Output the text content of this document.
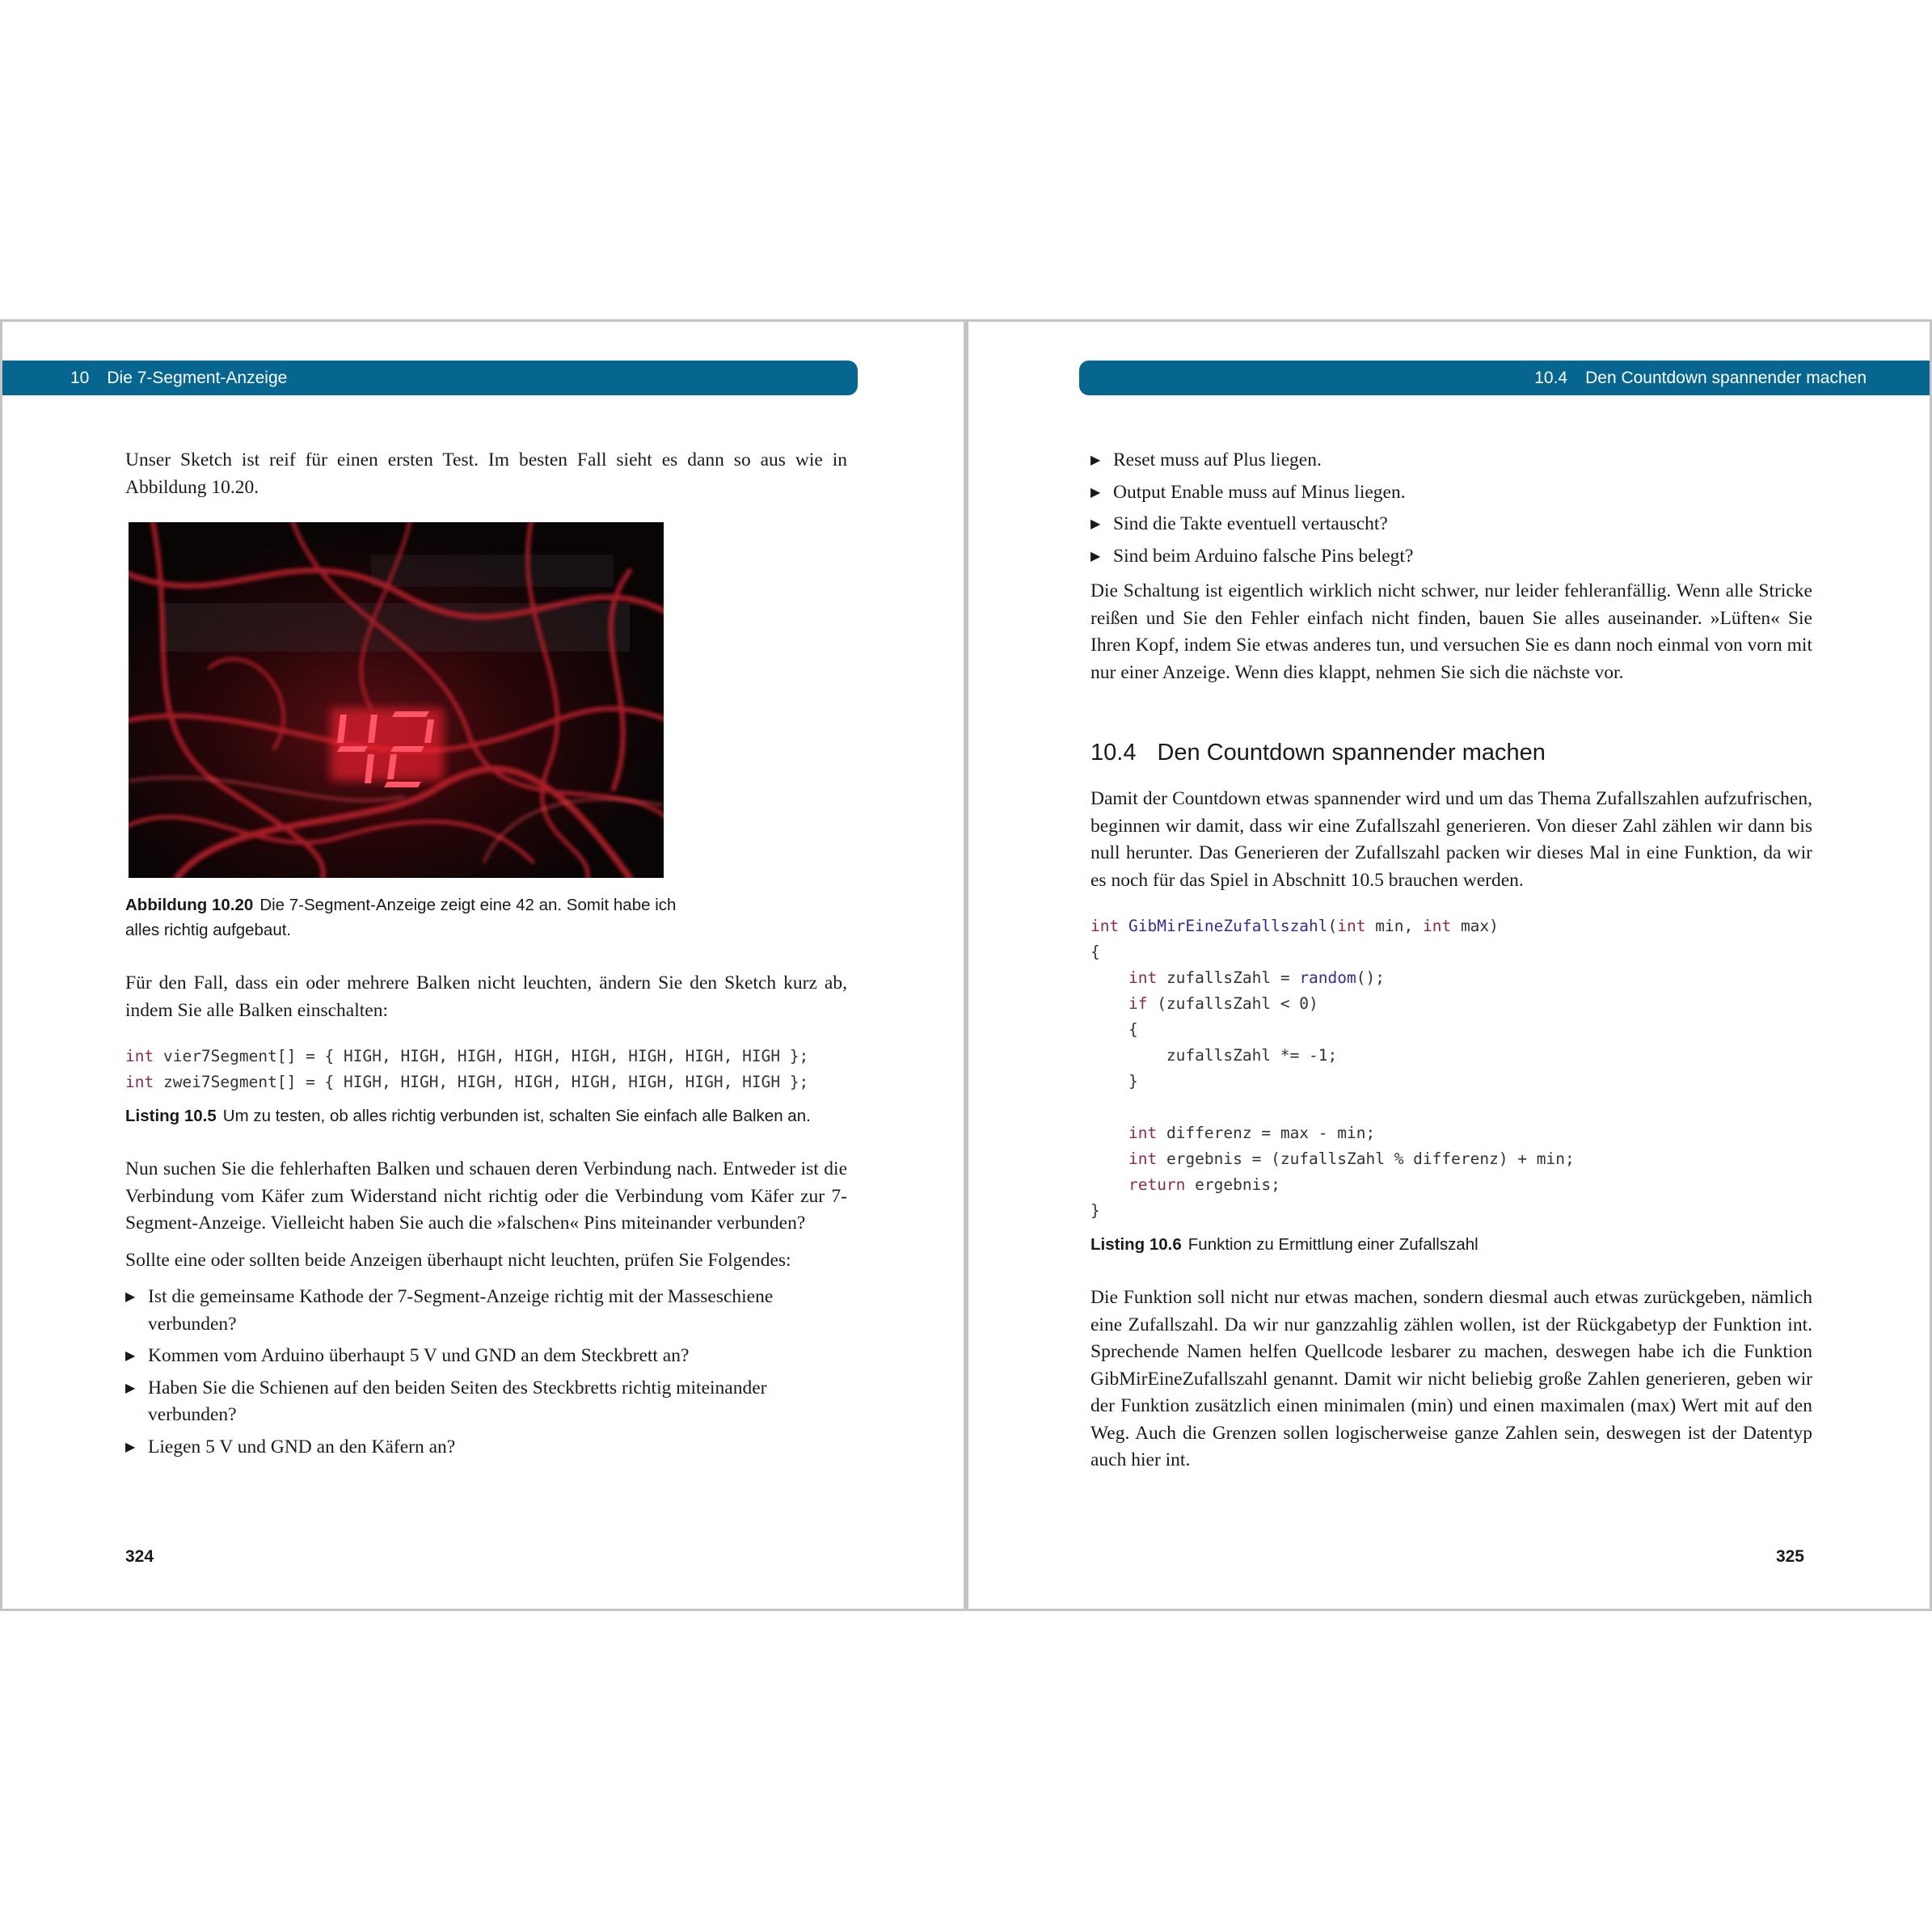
10 Die 7-Segment-Anzeige

Unser Sketch ist reif für einen ersten Test. Im besten Fall sieht es dann so aus wie in Abbildung 10.20.

Abbildung 10.20 Die 7-Segment-Anzeige zeigt eine 42 an. Somit habe ich alles richtig aufgebaut.

Für den Fall, dass ein oder mehrere Balken nicht leuchten, ändern Sie den Sketch kurz ab, indem Sie alle Balken einschalten:

int vier7Segment[] = { HIGH, HIGH, HIGH, HIGH, HIGH, HIGH, HIGH, HIGH };
int zwei7Segment[] = { HIGH, HIGH, HIGH, HIGH, HIGH, HIGH, HIGH, HIGH };
Listing 10.5 Um zu testen, ob alles richtig verbunden ist, schalten Sie einfach alle Balken an.

Nun suchen Sie die fehlerhaften Balken und schauen deren Verbindung nach. Entweder ist die Verbindung vom Käfer zum Widerstand nicht richtig oder die Verbindung vom Käfer zur 7-Segment-Anzeige. Vielleicht haben Sie auch die »falschen« Pins miteinander verbunden?

Sollte eine oder sollten beide Anzeigen überhaupt nicht leuchten, prüfen Sie Folgendes:

▶ Ist die gemeinsame Kathode der 7-Segment-Anzeige richtig mit der Masseschiene verbunden?
▶ Kommen vom Arduino überhaupt 5 V und GND an dem Steckbrett an?
▶ Haben Sie die Schienen auf den beiden Seiten des Steckbretts richtig miteinander verbunden?
▶ Liegen 5 V und GND an den Käfern an?
324
10.4 Den Countdown spannender machen
▶ Reset muss auf Plus liegen.
▶ Output Enable muss auf Minus liegen.
▶ Sind die Takte eventuell vertauscht?
▶ Sind beim Arduino falsche Pins belegt?

Die Schaltung ist eigentlich wirklich nicht schwer, nur leider fehleranfällig. Wenn alle Stricke reißen und Sie den Fehler einfach nicht finden, bauen Sie alles auseinander. »Lüften« Sie Ihren Kopf, indem Sie etwas anderes tun, und versuchen Sie es dann noch einmal von vorn mit nur einer Anzeige. Wenn dies klappt, nehmen Sie sich die nächste vor.

10.4 Den Countdown spannender machen

Damit der Countdown etwas spannender wird und um das Thema Zufallszahlen aufzufrischen, beginnen wir damit, dass wir eine Zufallszahl generieren. Von dieser Zahl zählen wir dann bis null herunter. Das Generieren der Zufallszahl packen wir dieses Mal in eine Funktion, da wir es noch für das Spiel in Abschnitt 10.5 brauchen werden.

int GibMirEineZufallszahl(int min, int max)
{
int zufallsZahl = random();
if (zufallsZahl < 0)
{
zufallsZahl *= -1;
}

int differenz = max - min;
int ergebnis = (zufallsZahl % differenz) + min;
return ergebnis;
}
Listing 10.6 Funktion zu Ermittlung einer Zufallszahl

Die Funktion soll nicht nur etwas machen, sondern diesmal auch etwas zurückgeben, nämlich eine Zufallszahl. Da wir nur ganzzahlig zählen wollen, ist der Rückgabetyp der Funktion int. Sprechende Namen helfen Quellcode lesbarer zu machen, deswegen habe ich die Funktion GibMirEineZufallszahl genannt. Damit wir nicht beliebig große Zahlen generieren, geben wir der Funktion zusätzlich einen minimalen (min) und einen maximalen (max) Wert mit auf den Weg. Auch die Grenzen sollen logischerweise ganze Zahlen sein, deswegen ist der Datentyp auch hier int.

325
